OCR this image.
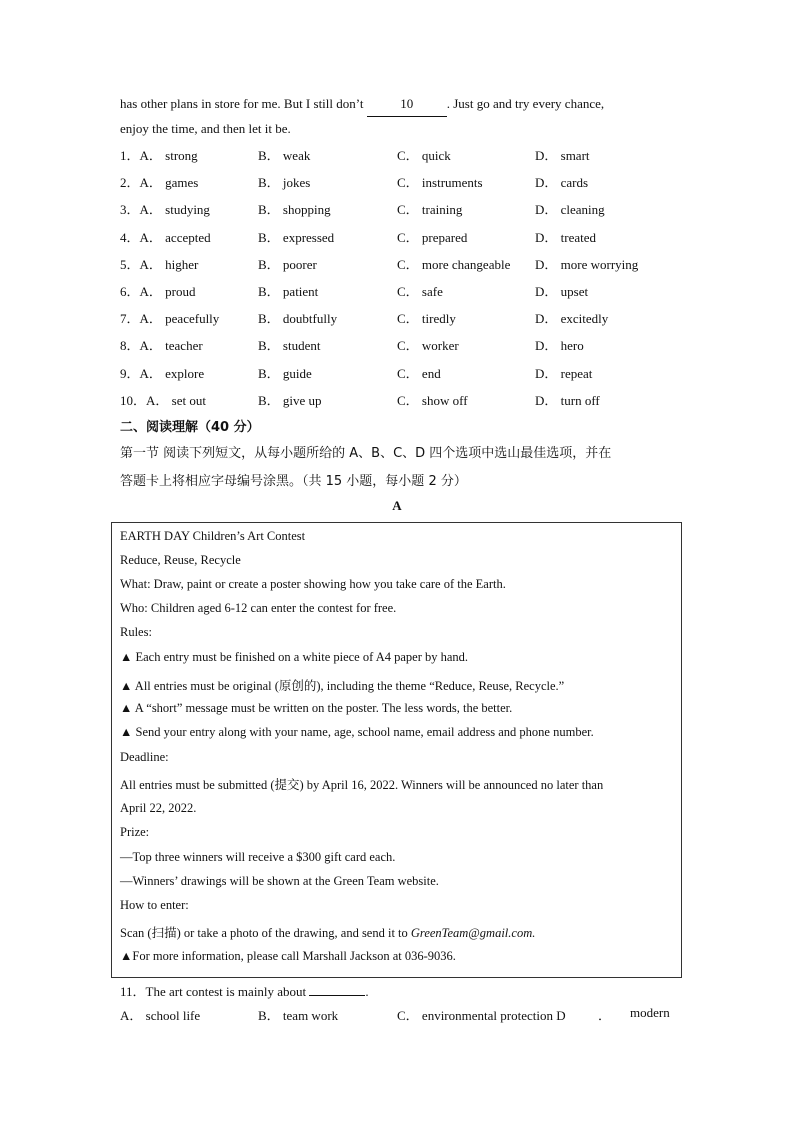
has other plans in store for me. But I still don’t	10	. Just go and try every chance,
enjoy the time, and then let it be.
1．A． strong	B． weak	C． quick	D． smart
2．A． games	B． jokes	C． instruments	D． cards
3．A． studying	B． shopping	C． training	D． cleaning
4．A． accepted	B． expressed	C． prepared	D． treated
5．A． higher	B． poorer	C． more changeable D． more worrying
6．A． proud	B． patient	C． safe	D． upset
7．A． peacefully	B． doubtfully	C． tiredly	D． excitedly
8．A． teacher	B． student	C． worker	D． hero
9．A． explore	B． guide	C． end	D． repeat
10．A． set out	B． give up	C． show off	D． turn off
二、阅读理解（40 分）
第一节 阅读下列短文，从每小题所给的 A、B、C、D 四个选项中选山最佳选项，并在
答题卡上将相应字母编号涂黑。（共 15 小题，每小题 2 分）
A
EARTH DAY Children’s Art Contest
Reduce, Reuse, Recycle
What: Draw, paint or create a poster showing how you take care of the Earth.
Who: Children aged 6-12 can enter the contest for free.
Rules:
▲ Each entry must be finished on a white piece of A4 paper by hand.
▲ All entries must be original (原创的), including the theme “Reduce, Reuse, Recycle.”
▲ A “short” message must be written on the poster. The less words, the better.
▲ Send your entry along with your name, age, school name, email address and phone number.
Deadline:
All entries must be submitted (提交) by April 16, 2022. Winners will be announced no later than
April 22, 2022.
Prize:
—Top three winners will receive a $300 gift card each.
—Winners’ drawings will be shown at the Green Team website.
How to enter:
Scan (扫描) or take a photo of the drawing, and send it to GreenTeam@gmail.com.
▲For more information, please call Marshall Jackson at 036-9036.
11．The art contest is mainly about	.
A． school life	B． team work	C． environmental protection D ． modern
